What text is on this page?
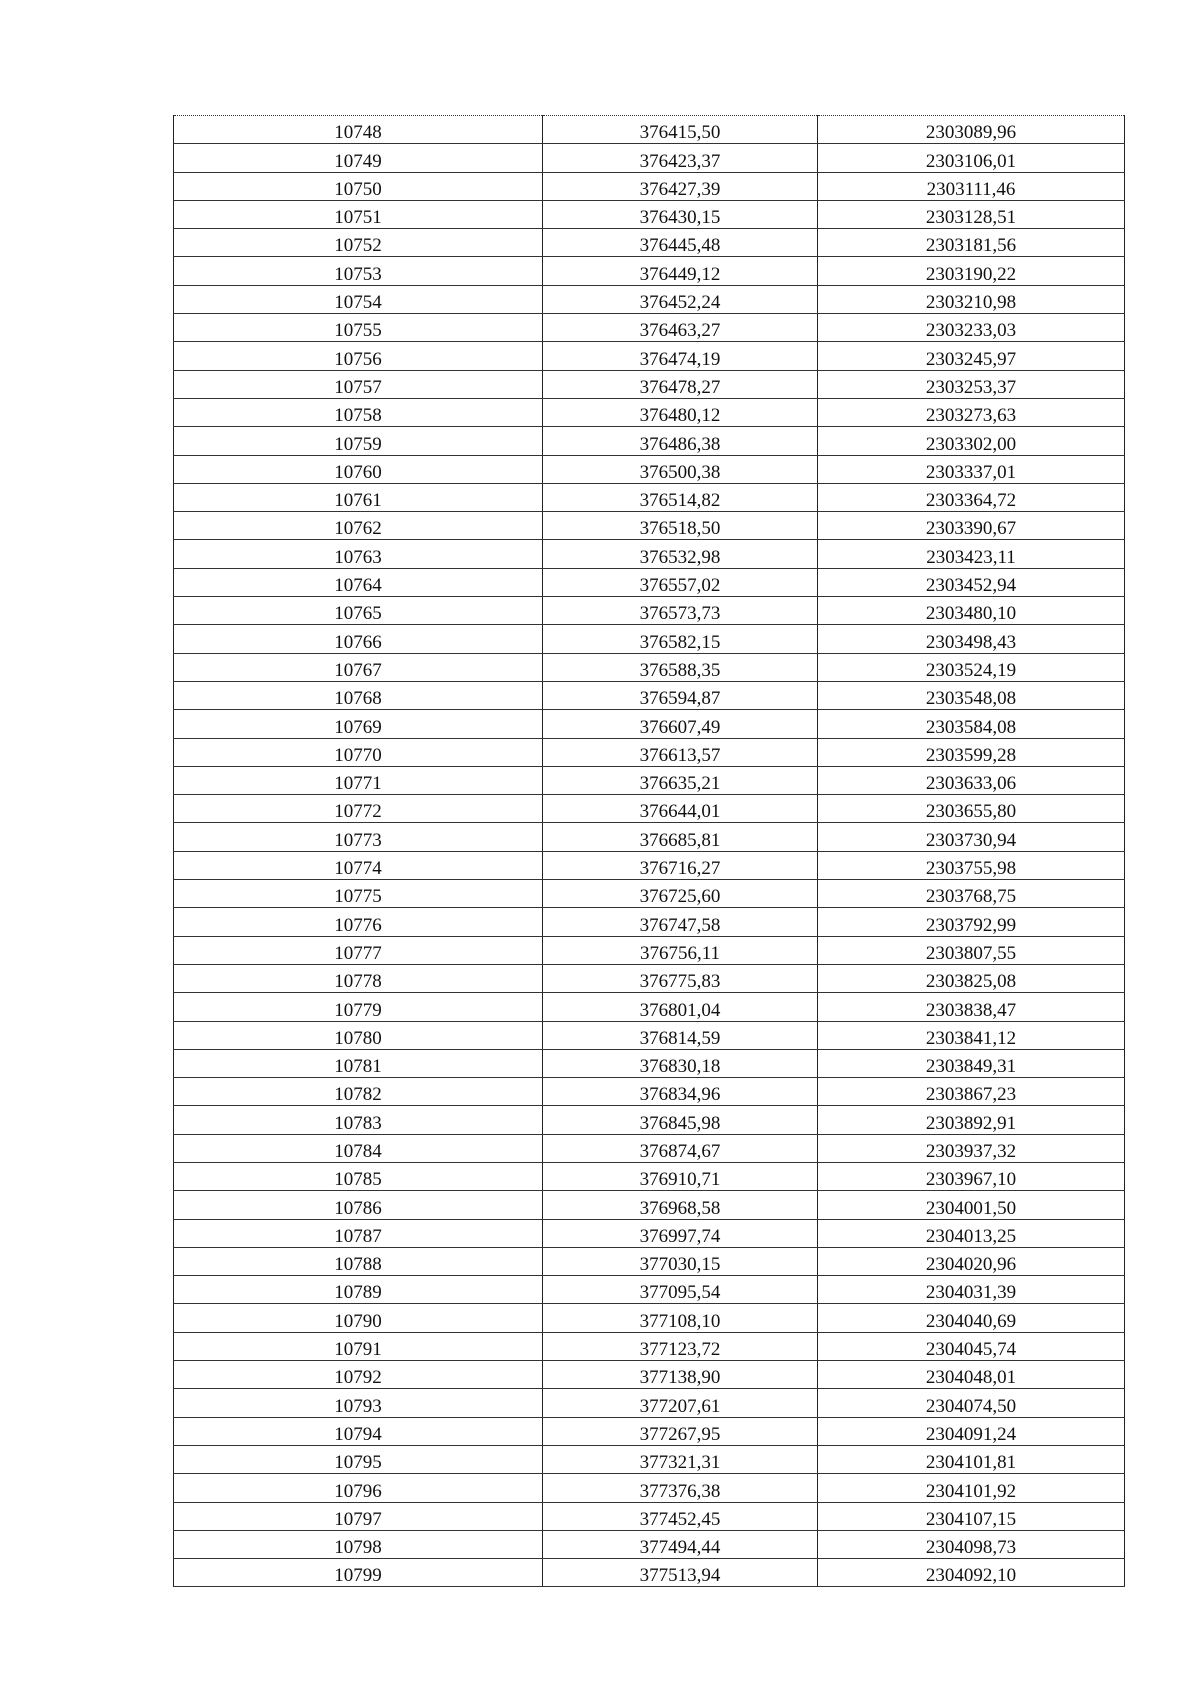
10748	376415,50	2303089,96
10749	376423,37	2303106,01
10750	376427,39	2303111,46
10751	376430,15	2303128,51
10752	376445,48	2303181,56
10753	376449,12	2303190,22
10754	376452,24	2303210,98
10755	376463,27	2303233,03
10756	376474,19	2303245,97
10757	376478,27	2303253,37
10758	376480,12	2303273,63
10759	376486,38	2303302,00
10760	376500,38	2303337,01
10761	376514,82	2303364,72
10762	376518,50	2303390,67
10763	376532,98	2303423,11
10764	376557,02	2303452,94
10765	376573,73	2303480,10
10766	376582,15	2303498,43
10767	376588,35	2303524,19
10768	376594,87	2303548,08
10769	376607,49	2303584,08
10770	376613,57	2303599,28
10771	376635,21	2303633,06
10772	376644,01	2303655,80
10773	376685,81	2303730,94
10774	376716,27	2303755,98
10775	376725,60	2303768,75
10776	376747,58	2303792,99
10777	376756,11	2303807,55
10778	376775,83	2303825,08
10779	376801,04	2303838,47
10780	376814,59	2303841,12
10781	376830,18	2303849,31
10782	376834,96	2303867,23
10783	376845,98	2303892,91
10784	376874,67	2303937,32
10785	376910,71	2303967,10
10786	376968,58	2304001,50
10787	376997,74	2304013,25
10788	377030,15	2304020,96
10789	377095,54	2304031,39
10790	377108,10	2304040,69
10791	377123,72	2304045,74
10792	377138,90	2304048,01
10793	377207,61	2304074,50
10794	377267,95	2304091,24
10795	377321,31	2304101,81
10796	377376,38	2304101,92
10797	377452,45	2304107,15
10798	377494,44	2304098,73
10799	377513,94	2304092,10
